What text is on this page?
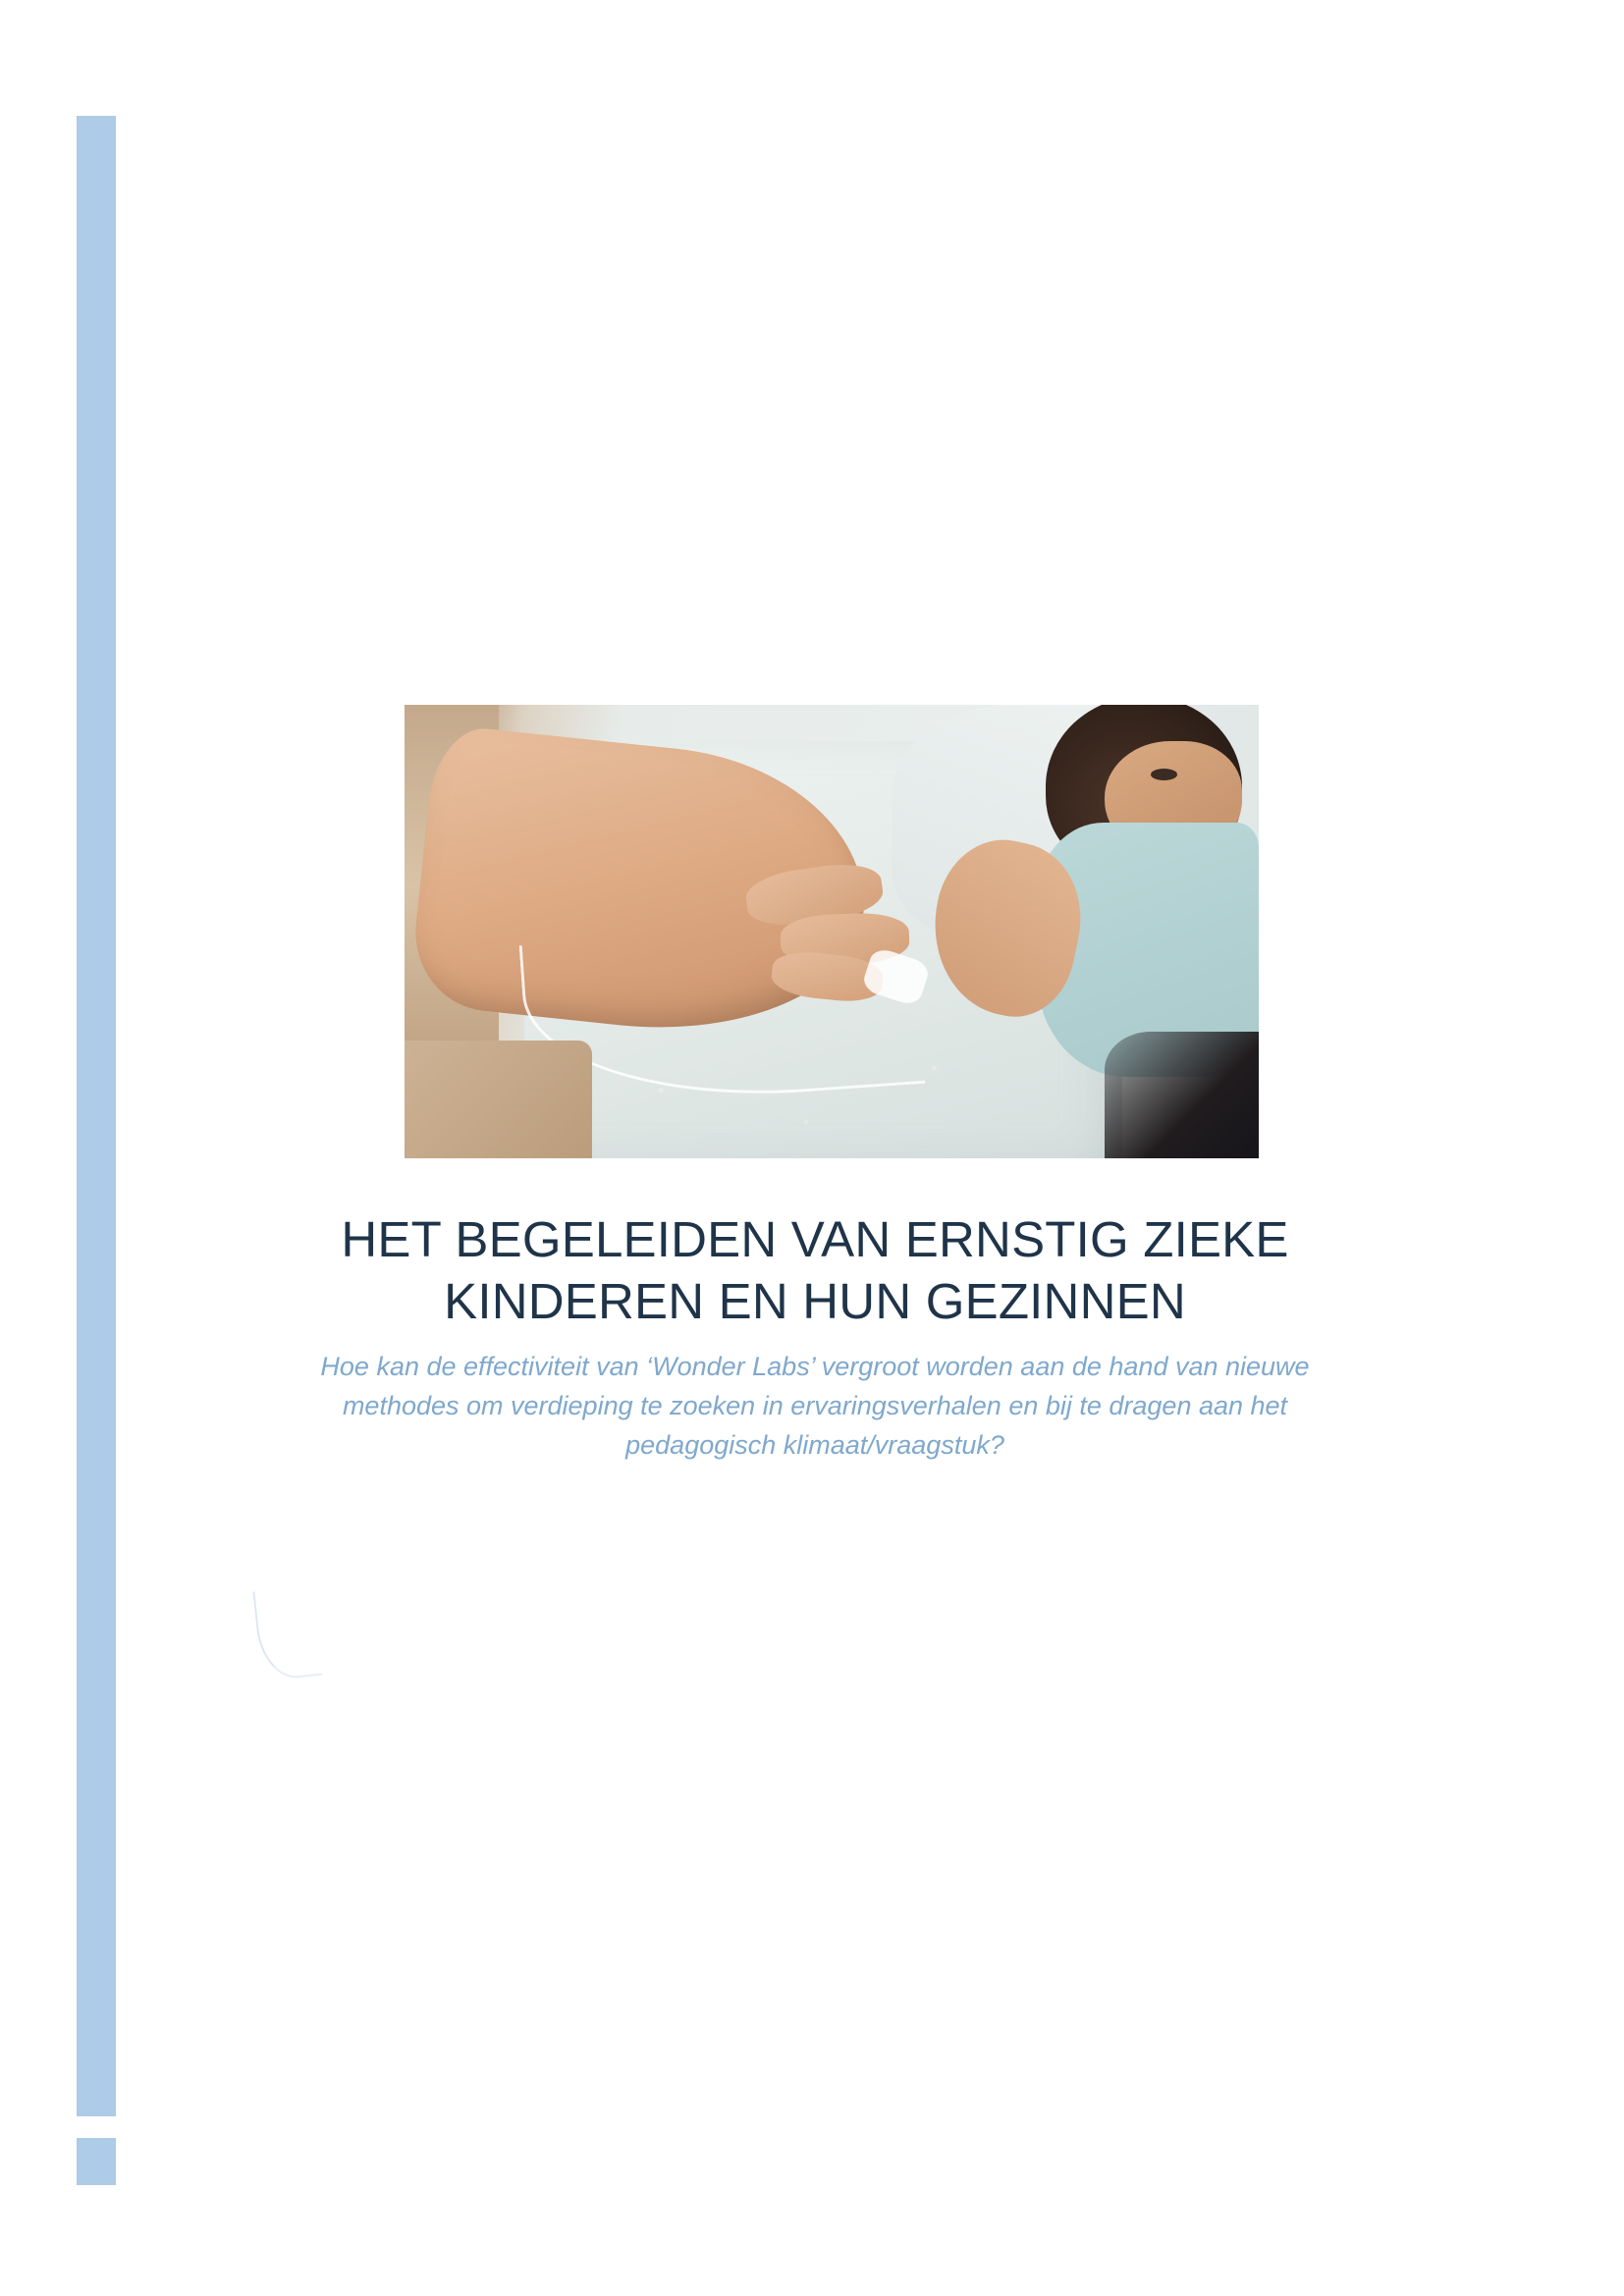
HET BEGELEIDEN VAN ERNSTIG ZIEKE
KINDEREN EN HUN GEZINNEN

Hoe kan de effectiviteit van ‘Wonder Labs’ vergroot worden aan de hand van nieuwe methodes om verdieping te zoeken in ervaringsverhalen en bij te dragen aan het pedagogisch klimaat/vraagstuk?
